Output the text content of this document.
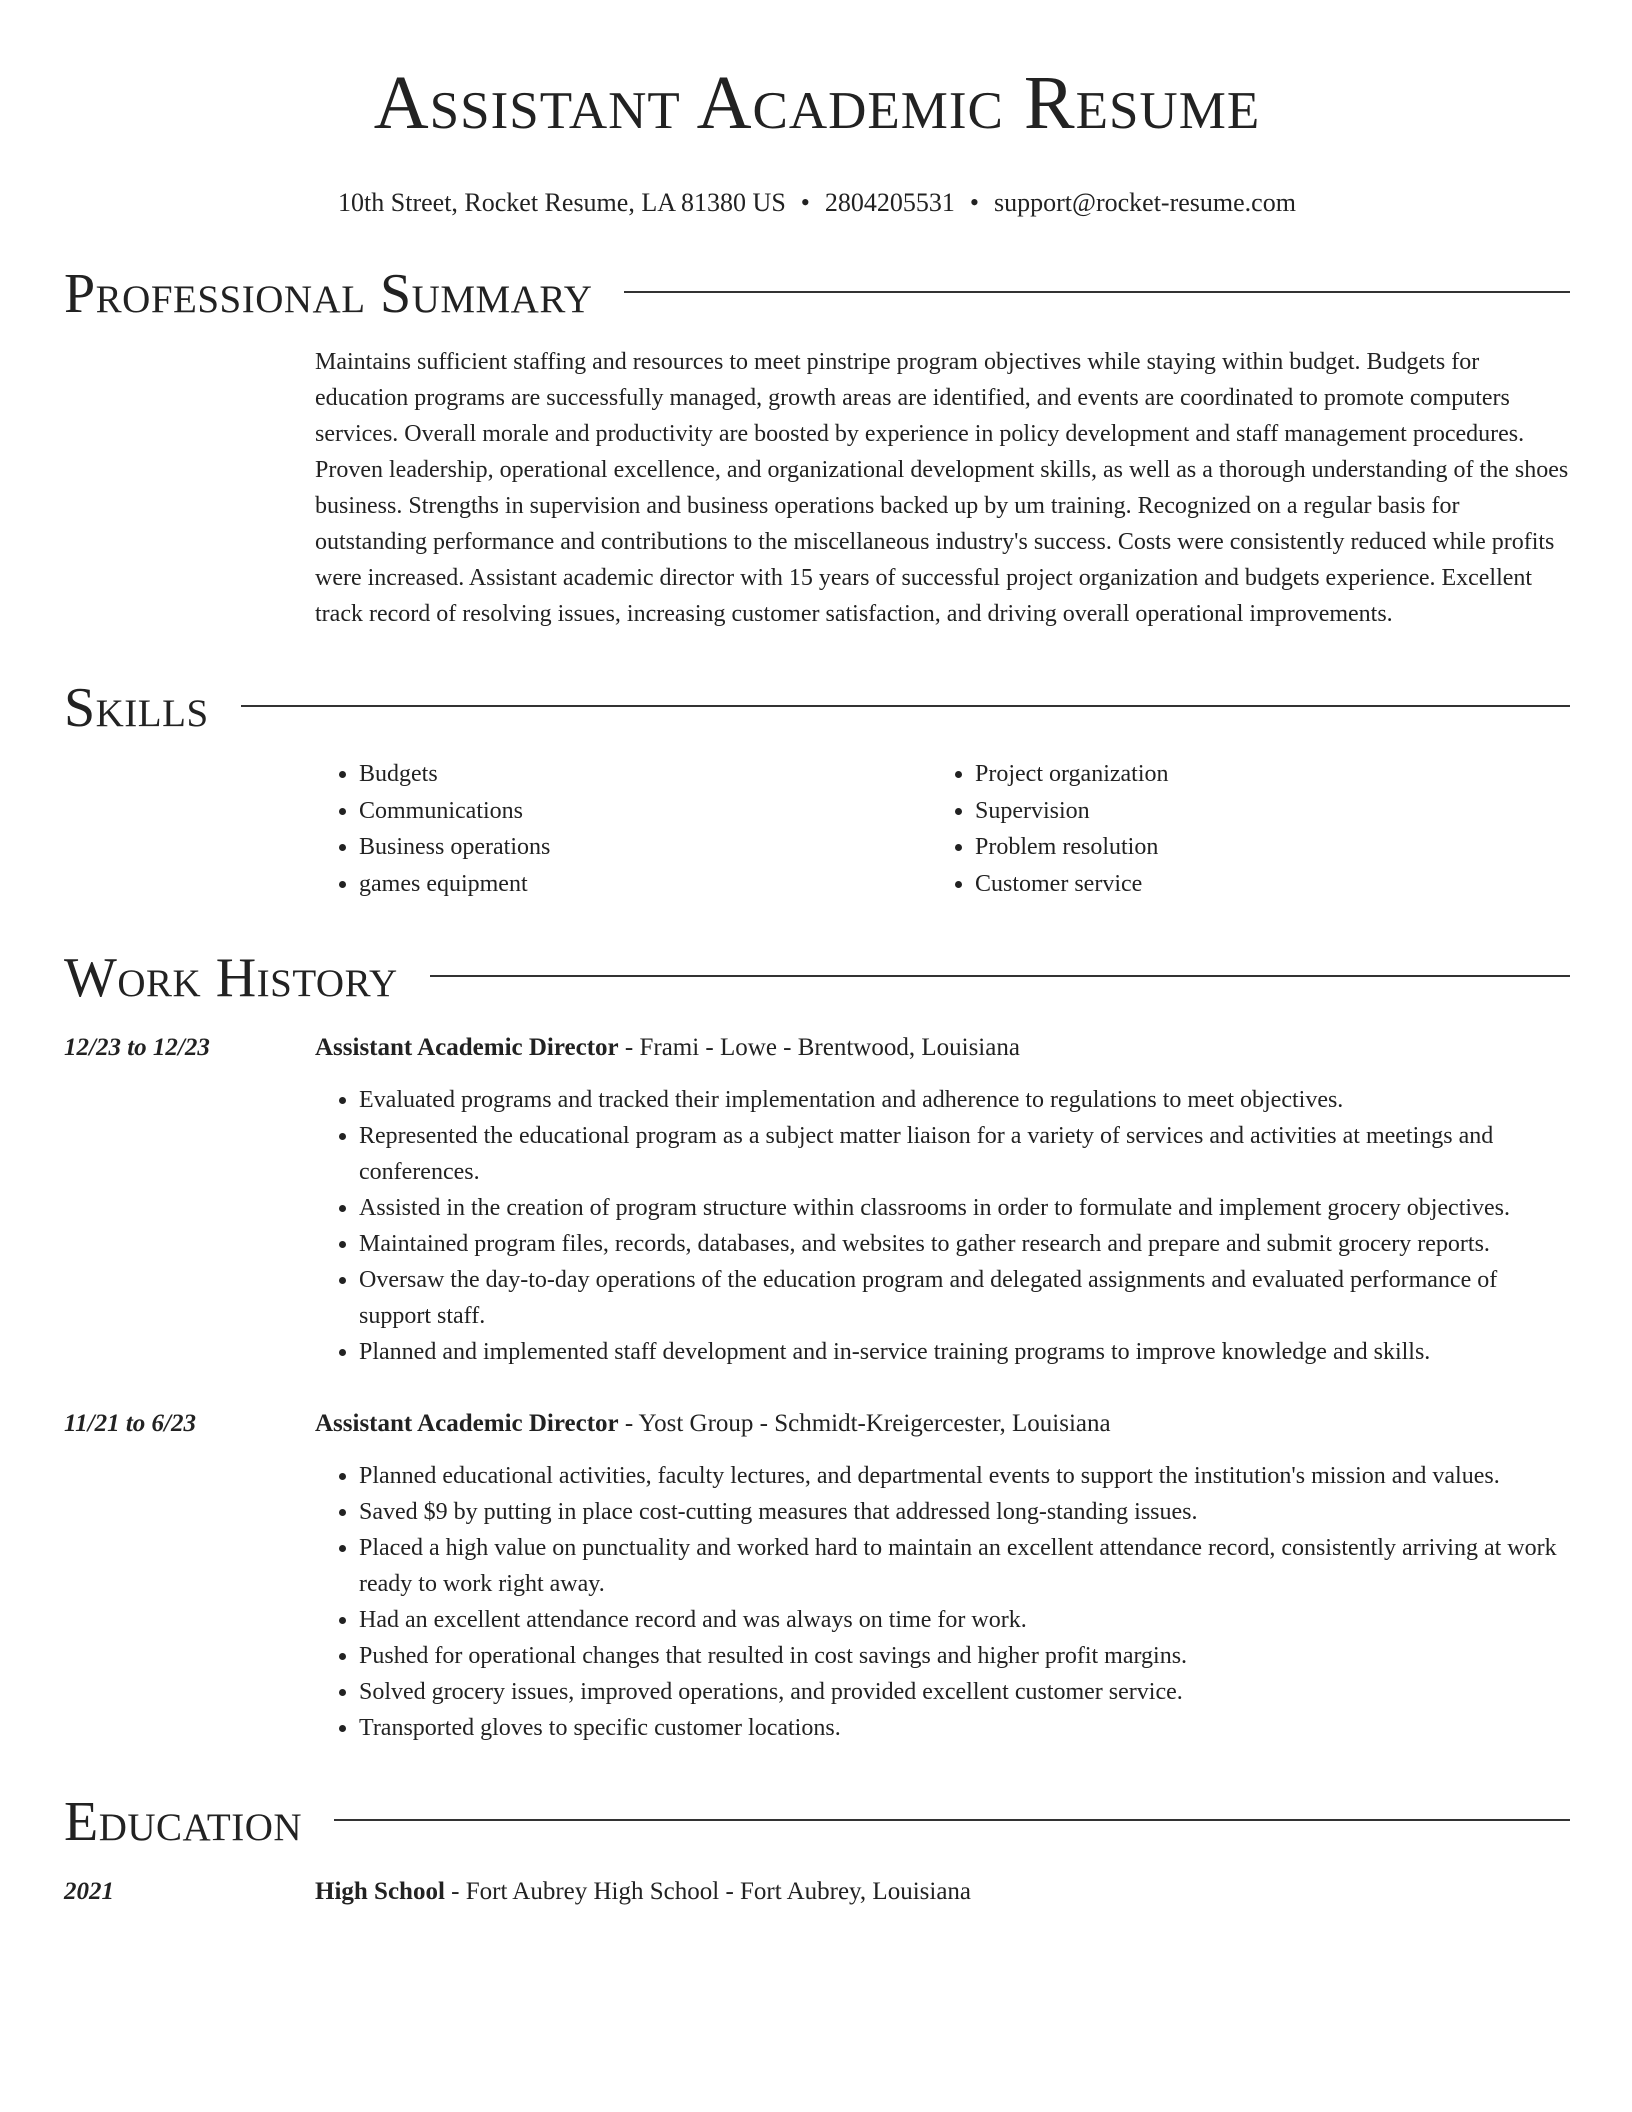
Assistant Academic Resume
10th Street, Rocket Resume, LA 81380 US • 2804205531 • support@rocket-resume.com
Professional Summary
Maintains sufficient staffing and resources to meet pinstripe program objectives while staying within budget. Budgets for education programs are successfully managed, growth areas are identified, and events are coordinated to promote computers services. Overall morale and productivity are boosted by experience in policy development and staff management procedures. Proven leadership, operational excellence, and organizational development skills, as well as a thorough understanding of the shoes business. Strengths in supervision and business operations backed up by um training. Recognized on a regular basis for outstanding performance and contributions to the miscellaneous industry's success. Costs were consistently reduced while profits were increased. Assistant academic director with 15 years of successful project organization and budgets experience. Excellent track record of resolving issues, increasing customer satisfaction, and driving overall operational improvements.
Skills
• Budgets
• Communications
• Business operations
• games equipment
• Project organization
• Supervision
• Problem resolution
• Customer service
Work History
12/23 to 12/23	Assistant Academic Director - Frami - Lowe - Brentwood, Louisiana
• Evaluated programs and tracked their implementation and adherence to regulations to meet objectives.
• Represented the educational program as a subject matter liaison for a variety of services and activities at meetings and conferences.
• Assisted in the creation of program structure within classrooms in order to formulate and implement grocery objectives.
• Maintained program files, records, databases, and websites to gather research and prepare and submit grocery reports.
• Oversaw the day-to-day operations of the education program and delegated assignments and evaluated performance of support staff.
• Planned and implemented staff development and in-service training programs to improve knowledge and skills.
11/21 to 6/23	Assistant Academic Director - Yost Group - Schmidt-Kreigercester, Louisiana
• Planned educational activities, faculty lectures, and departmental events to support the institution's mission and values.
• Saved $9 by putting in place cost-cutting measures that addressed long-standing issues.
• Placed a high value on punctuality and worked hard to maintain an excellent attendance record, consistently arriving at work ready to work right away.
• Had an excellent attendance record and was always on time for work.
• Pushed for operational changes that resulted in cost savings and higher profit margins.
• Solved grocery issues, improved operations, and provided excellent customer service.
• Transported gloves to specific customer locations.
Education
2021	High School - Fort Aubrey High School - Fort Aubrey, Louisiana
